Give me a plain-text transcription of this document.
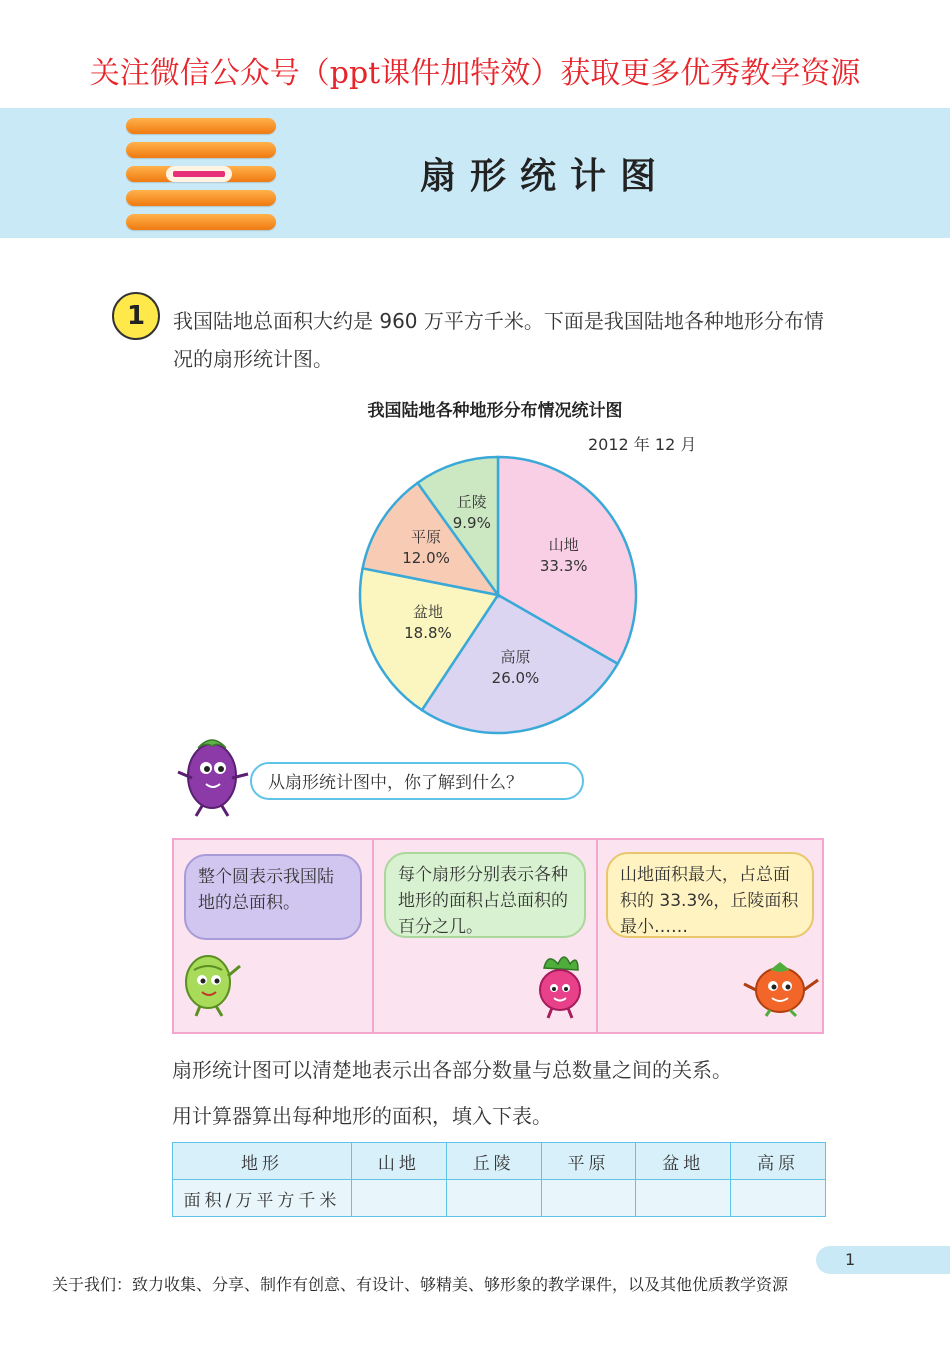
关注微信公众号（ppt课件加特效）获取更多优秀教学资源
扇形统计图
1	我国陆地总面积大约是 960 万平方千米。下面是我国陆地各种地形分布情况的扇形统计图。
我国陆地各种地形分布情况统计图
2012 年 12 月
山地
33.3%
高原
26.0%
盆地
18.8%
平原
12.0%
丘陵
9.9%
从扇形统计图中，你了解到什么？
整个圆表示我国陆地的总面积。
每个扇形分别表示各种地形的面积占总面积的百分之几。
山地面积最大，占总面积的 33.3%，丘陵面积最小……
扇形统计图可以清楚地表示出各部分数量与总数量之间的关系。
用计算器算出每种地形的面积，填入下表。
地形	山地	丘陵	平原	盆地	高原
面积/万平方千米					
1
关于我们：致力收集、分享、制作有创意、有设计、够精美、够形象的教学课件，以及其他优质教学资源
